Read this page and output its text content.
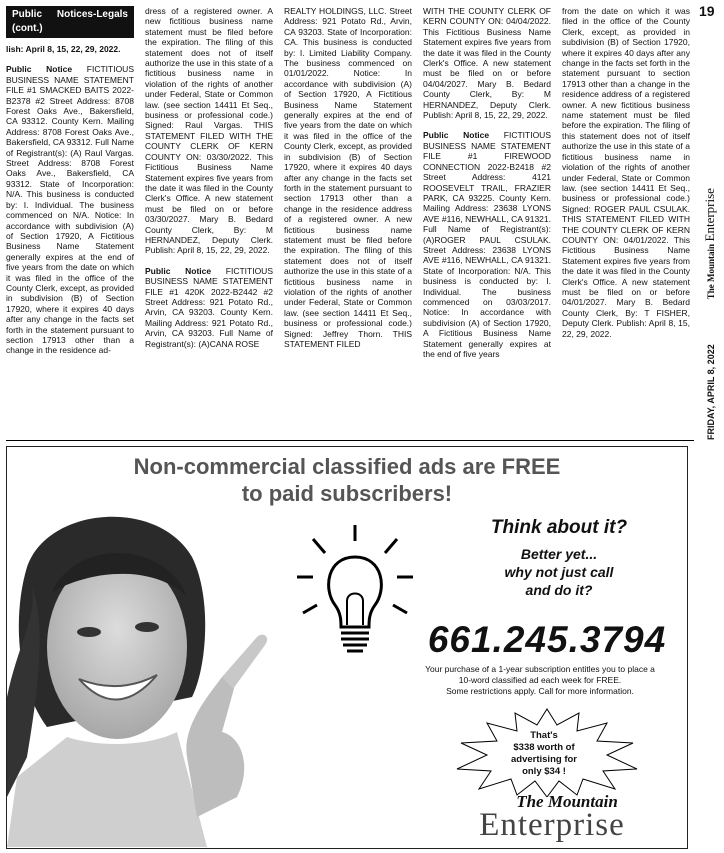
Public Notices-Legals (cont.)

lish: April 8, 15, 22, 29, 2022.

Public Notice FICTITIOUS BUSINESS NAME STATEMENT FILE #1 SMACKED BAITS 2022-B2378 #2 Street Address: 8708 Forest Oaks Ave., Bakersfield, CA 93312. County Kern. Mailing Address: 8708 Forest Oaks Ave., Bakersfield, CA 93312. Full Name of Registrant(s): (A) Raul Vargas. Street Address: 8708 Forest Oaks Ave., Bakersfield, CA 93312. State of Incorporation: N/A. This business is conducted by: I. Individual. The business commenced on N/A. Notice: In accordance with subdivision (A) of Section 17920, A Fictitious Business Name Statement generally expires at the end of five years from the date on which it was filed in the office of the County Clerk, except, as provided in subdivision (B) of Section 17920, where it expires 40 days after any change in the facts set forth in the statement pursuant to section 17913 other than a change in the residence ad-

dress of a registered owner. A new fictitious business name statement must be filed before the expiration. The filing of this statement does not of itself authorize the use in this state of a fictitious business name in violation of the rights of another under Federal, State or Common law. (see section 14411 Et Seq., business or professional code.) Signed: Raul Vargas. THIS STATEMENT FILED WITH THE COUNTY CLERK OF KERN COUNTY ON: 03/30/2022. This Fictitious Business Name Statement expires five years from the date it was filed in the County Clerk's Office. A new statement must be filed on or before 03/30/2027. Mary B. Bedard County Clerk, By: M HERNANDEZ, Deputy Clerk. Publish: April 8, 15, 22, 29, 2022.

Public Notice FICTITIOUS BUSINESS NAME STATEMENT FILE #1 420K 2022-B2442 #2 Street Address: 921 Potato Rd., Arvin, CA 93203. County Kern. Mailing Address: 921 Potato Rd., Arvin, CA 93203. Full Name of Registrant(s): (A)CANA ROSE

REALTY HOLDINGS, LLC. Street Address: 921 Potato Rd., Arvin, CA 93203. State of Incorporation: CA. This business is conducted by: I. Limited Liability Company. The business commenced on 01/01/2022. Notice: In accordance with subdivision (A) of Section 17920, A Fictitious Business Name Statement generally expires at the end of five years from the date on which it was filed in the office of the County Clerk, except, as provided in subdivision (B) of Section 17920, where it expires 40 days after any change in the facts set forth in the statement pursuant to section 17913 other than a change in the residence address of a registered owner. A new fictitious business name statement must be filed before the expiration. The filing of this statement does not of itself authorize the use in this state of a fictitious business name in violation of the rights of another under Federal, State or Common law. (see section 14411 Et Seq., business or professional code.) Signed: Jeffrey Thorn. THIS STATEMENT FILED

WITH THE COUNTY CLERK OF KERN COUNTY ON: 04/04/2022. This Fictitious Business Name Statement expires five years from the date it was filed in the County Clerk's Office. A new statement must be filed on or before 04/04/2027. Mary B. Bedard County Clerk, By: M HERNANDEZ, Deputy Clerk. Publish: April 8, 15, 22, 29, 2022.

Public Notice FICTITIOUS BUSINESS NAME STATEMENT FILE #1 FIREWOOD CONNECTION 2022-B2418 #2 Street Address: 4121 ROOSEVELT TRAIL, FRAZIER PARK, CA 93225. County Kern. Mailing Address: 23638 LYONS AVE #116, NEWHALL, CA 91321. Full Name of Registrant(s): (A)ROGER PAUL CSULAK. Street Address: 23638 LYONS AVE #116, NEWHALL, CA 91321. State of Incorporation: N/A. This business is conducted by: I. Individual. The business commenced on 03/03/2017. Notice: In accordance with subdivision (A) of Section 17920, A Fictitious Business Name Statement generally expires at the end of five years

from the date on which it was filed in the office of the County Clerk, except, as provided in subdivision (B) of Section 17920, where it expires 40 days after any change in the facts set forth in the statement pursuant to section 17913 other than a change in the residence address of a registered owner. A new fictitious business name statement must be filed before the expiration. The filing of this statement does not of itself authorize the use in this state of a fictitious business name in violation of the rights of another under Federal, State or Common law. (see section 14411 Et Seq., business or professional code.) Signed: ROGER PAUL CSULAK. THIS STATEMENT FILED WITH THE COUNTY CLERK OF KERN COUNTY ON: 04/01/2022. This Fictitious Business Name Statement expires five years from the date it was filed in the County Clerk's Office. A new statement must be filed on or before 04/01/2027. Mary B. Bedard County Clerk, By: T FISHER, Deputy Clerk. Publish: April 8, 15, 22, 29, 2022.

19
FRIDAY, APRIL 8, 2022  The Mountain Enterprise
Non-commercial classified ads are FREE
to paid subscribers!
Think about it?
Better yet...
why not just call
and do it?
661.245.3794
Your purchase of a 1-year subscription entitles you to place a
10-word classified ad each week for FREE.
Some restrictions apply. Call for more information.
That's
$338 worth of
advertising for
only $34 !
The Mountain
Enterprise
